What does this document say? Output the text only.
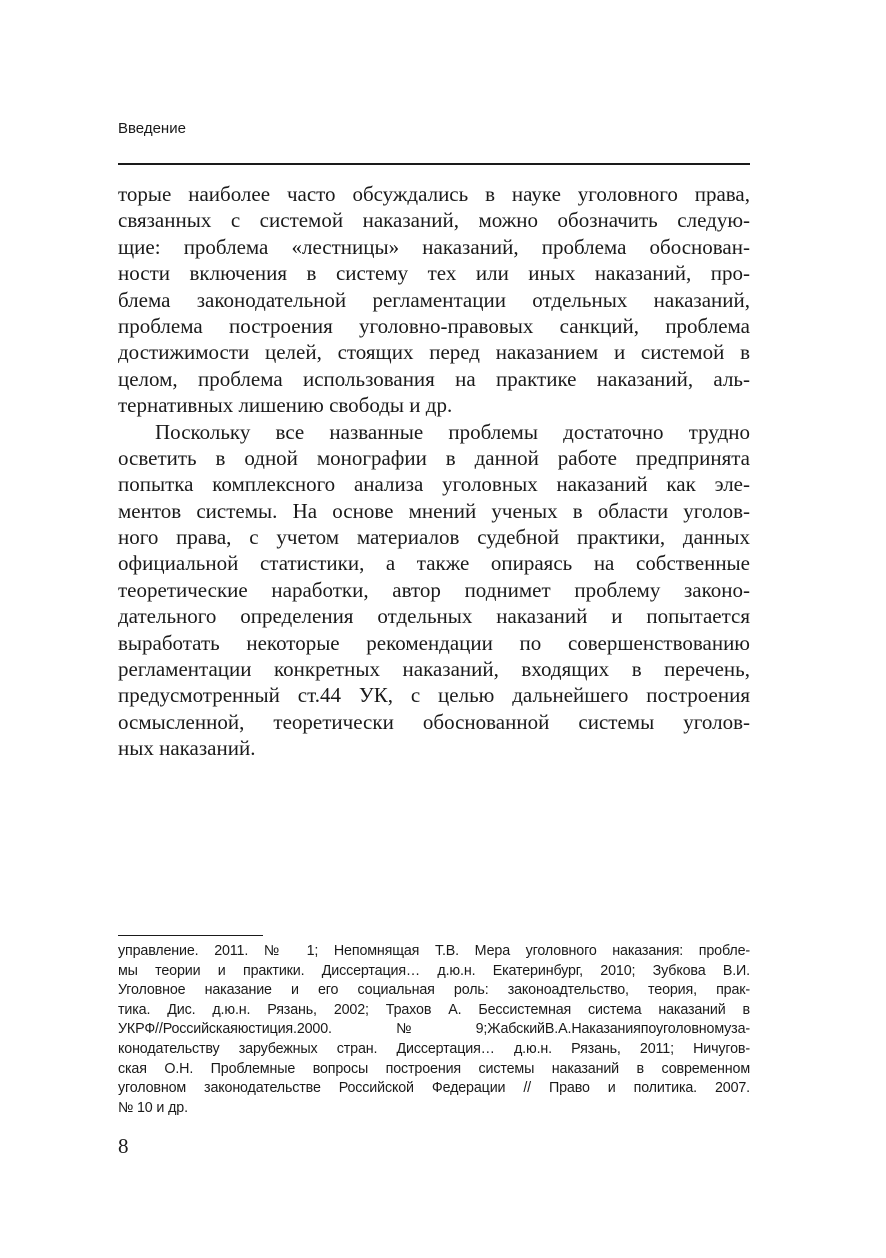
Введение

торые наиболее часто обсуждались в науке уголовного права,
связанных с системой наказаний, можно обозначить следую-
щие: проблема «лестницы» наказаний, проблема обоснован-
ности включения в систему тех или иных наказаний, про-
блема законодательной регламентации отдельных наказаний,
проблема построения уголовно-правовых санкций, проблема
достижимости целей, стоящих перед наказанием и системой в
целом, проблема использования на практике наказаний, аль-
тернативных лишению свободы и др.

Поскольку все названные проблемы достаточно трудно
осветить в одной монографии в данной работе предпринята
попытка комплексного анализа уголовных наказаний как эле-
ментов системы. На основе мнений ученых в области уголов-
ного права, с учетом материалов судебной практики, данных
официальной статистики, а также опираясь на собственные
теоретические наработки, автор поднимет проблему законо-
дательного определения отдельных наказаний и попытается
выработать некоторые рекомендации по совершенствованию
регламентации конкретных наказаний, входящих в перечень,
предусмотренный ст.44 УК, с целью дальнейшего построения
осмысленной, теоретически обоснованной системы уголов-
ных наказаний.

управление. 2011. № 1; Непомнящая Т.В. Мера уголовного наказания: пробле-
мы теории и практики. Диссертация… д.ю.н. Екатеринбург, 2010; Зубкова В.И.
Уголовное наказание и его социальная роль: законоадтельство, теория, прак-
тика. Дис. д.ю.н. Рязань, 2002; Трахов А. Бессистемная система наказаний в
УКРФ//Российскаяюстиция.2000.№9;ЖабскийВ.А.Наказанияпоуголовномуза-
конодательству зарубежных стран. Диссертация… д.ю.н. Рязань, 2011; Ничугов-
ская О.Н. Проблемные вопросы построения системы наказаний в современном
уголовном законодательстве Российской Федерации // Право и политика. 2007.
№ 10 и др.
8
